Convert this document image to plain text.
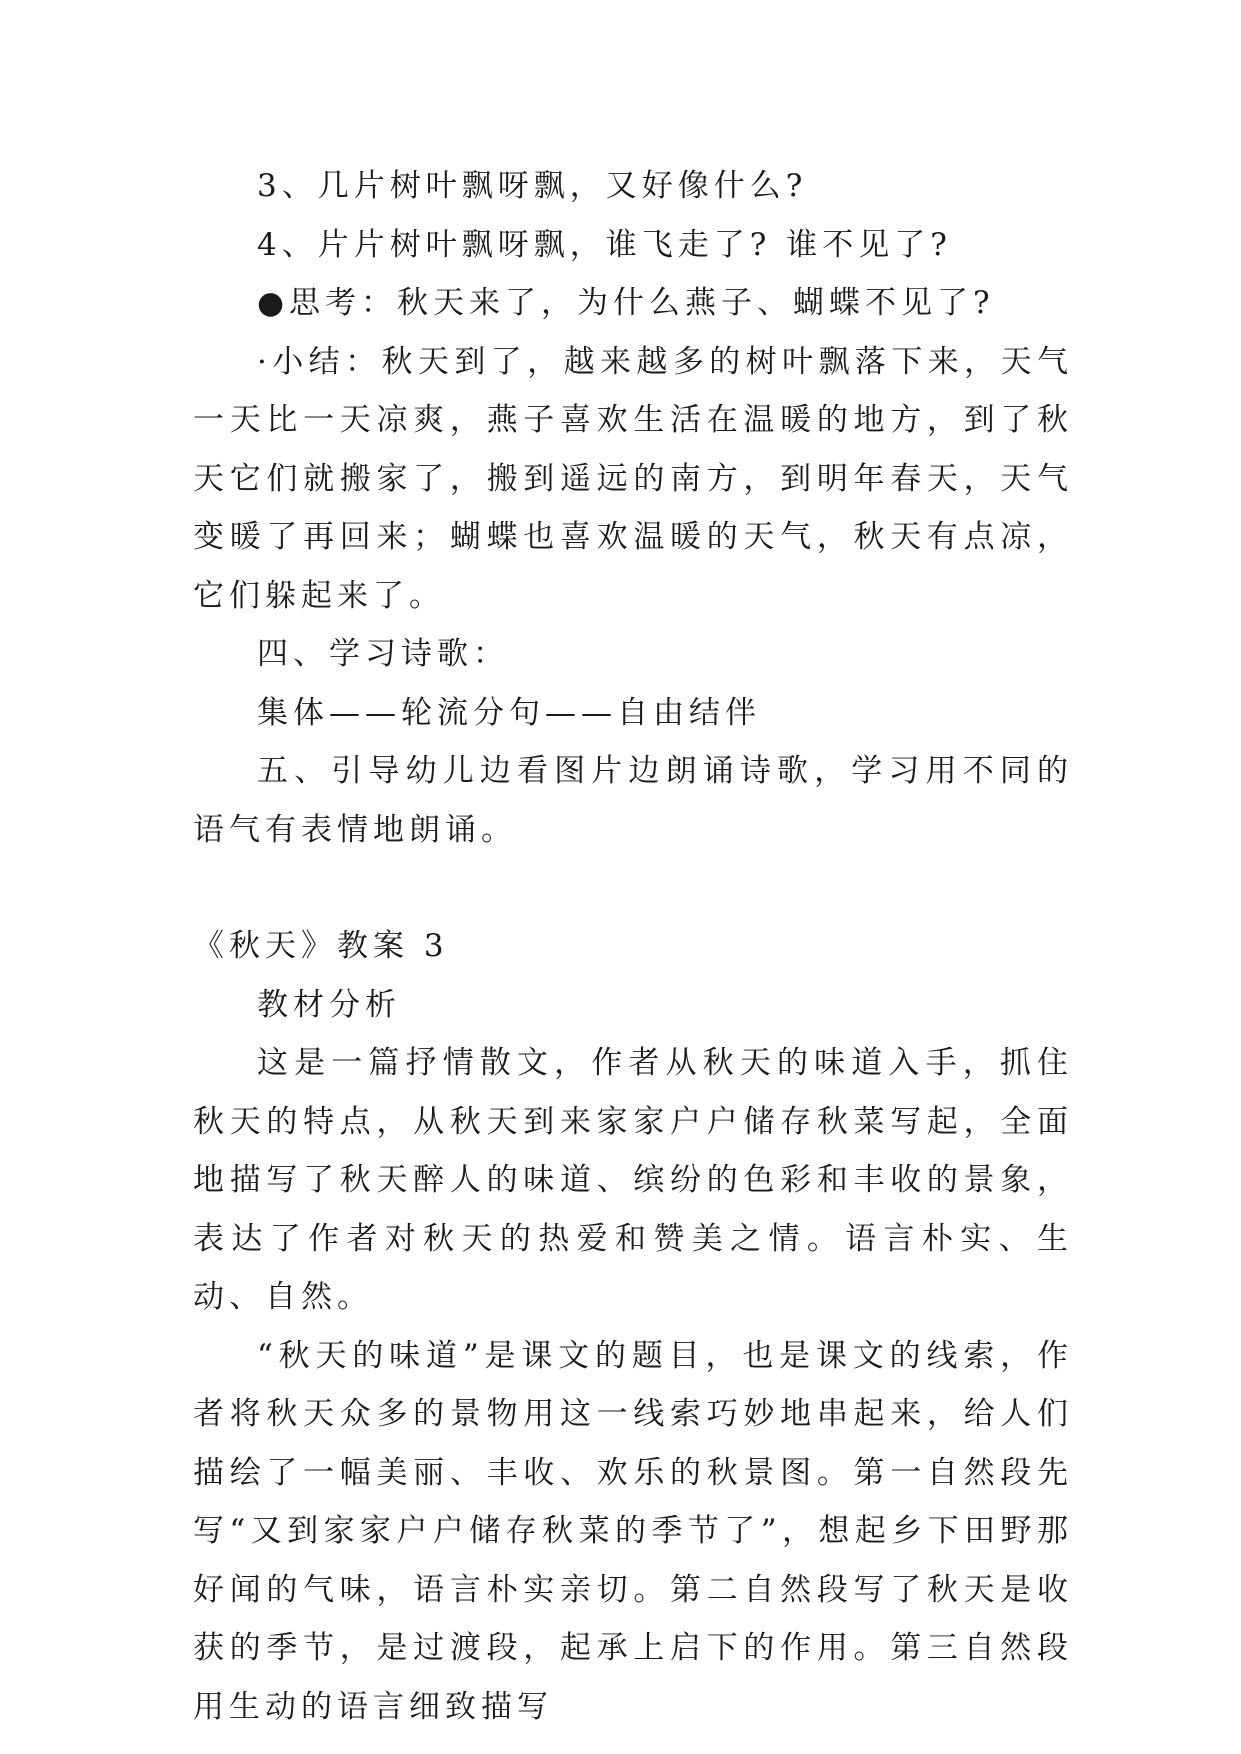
3、几片树叶飘呀飘，又好像什么?

4、片片树叶飘呀飘，谁飞走了? 谁不见了?

●思考：秋天来了，为什么燕子、蝴蝶不见了?

·小结：秋天到了，越来越多的树叶飘落下来，天气一天比一天凉爽，燕子喜欢生活在温暖的地方，到了秋天它们就搬家了，搬到遥远的南方，到明年春天，天气变暖了再回来；蝴蝶也喜欢温暖的天气，秋天有点凉，它们躲起来了。

四、学习诗歌：

集体——轮流分句——自由结伴

五、引导幼儿边看图片边朗诵诗歌，学习用不同的语气有表情地朗诵。

《秋天》教案 3

教材分析

这是一篇抒情散文，作者从秋天的味道入手，抓住秋天的特点，从秋天到来家家户户储存秋菜写起，全面地描写了秋天醉人的味道、缤纷的色彩和丰收的景象，表达了作者对秋天的热爱和赞美之情。语言朴实、生动、自然。

“秋天的味道”是课文的题目，也是课文的线索，作者将秋天众多的景物用这一线索巧妙地串起来，给人们描绘了一幅美丽、丰收、欢乐的秋景图。第一自然段先写“又到家家户户储存秋菜的季节了”，想起乡下田野那好闻的气味，语言朴实亲切。第二自然段写了秋天是收获的季节，是过渡段，起承上启下的作用。第三自然段用生动的语言细致描写
